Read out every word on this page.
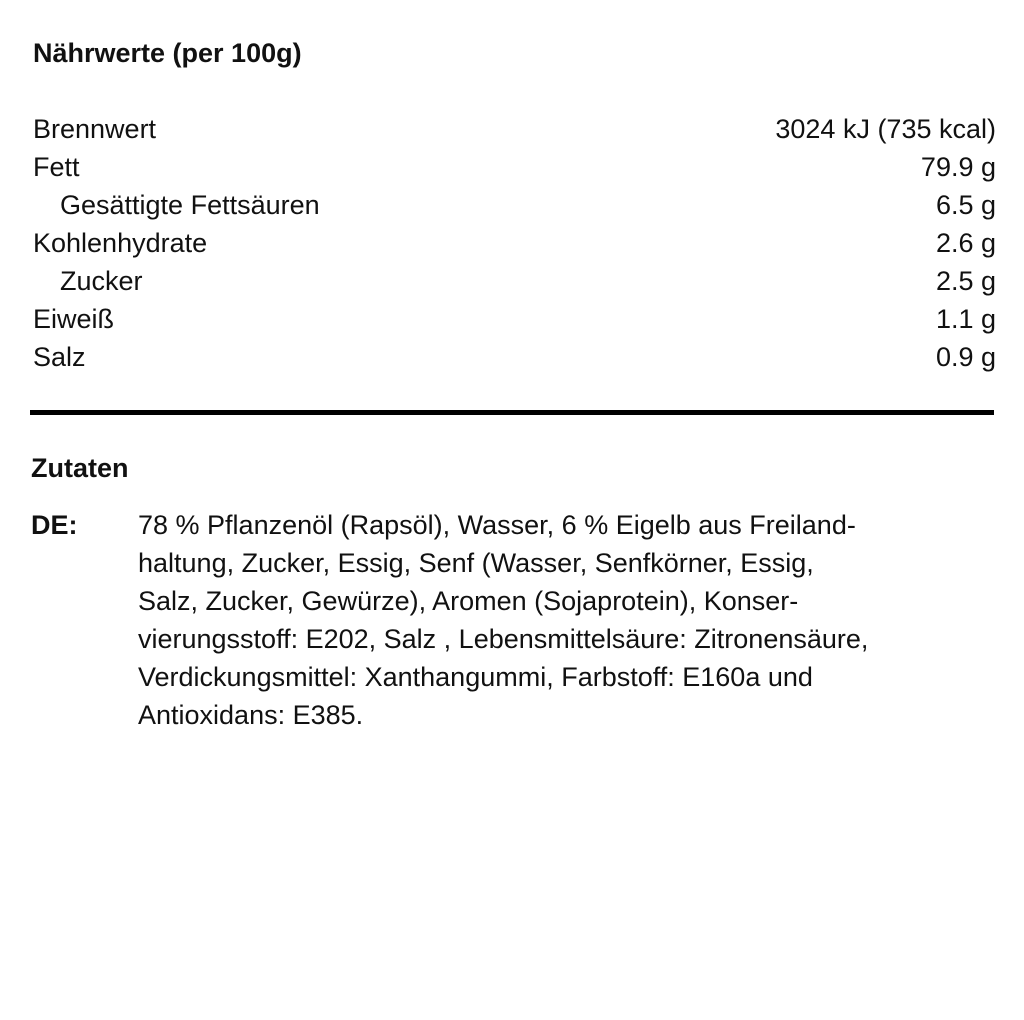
Nährwerte (per 100g)
Brennwert	3024 kJ (735 kcal)
Fett	79.9 g
Gesättigte Fettsäuren	6.5 g
Kohlenhydrate	2.6 g
Zucker	2.5 g
Eiweiß	1.1 g
Salz	0.9 g
Zutaten
DE:	78 % Pflanzenöl (Rapsöl), Wasser, 6 % Eigelb aus Freiland-
haltung, Zucker, Essig, Senf (Wasser, Senfkörner, Essig,
Salz, Zucker, Gewürze), Aromen (Sojaprotein), Konser-
vierungsstoff: E202, Salz , Lebensmittelsäure: Zitronensäure,
Verdickungsmittel: Xanthangummi, Farbstoff: E160a und
Antioxidans: E385.
